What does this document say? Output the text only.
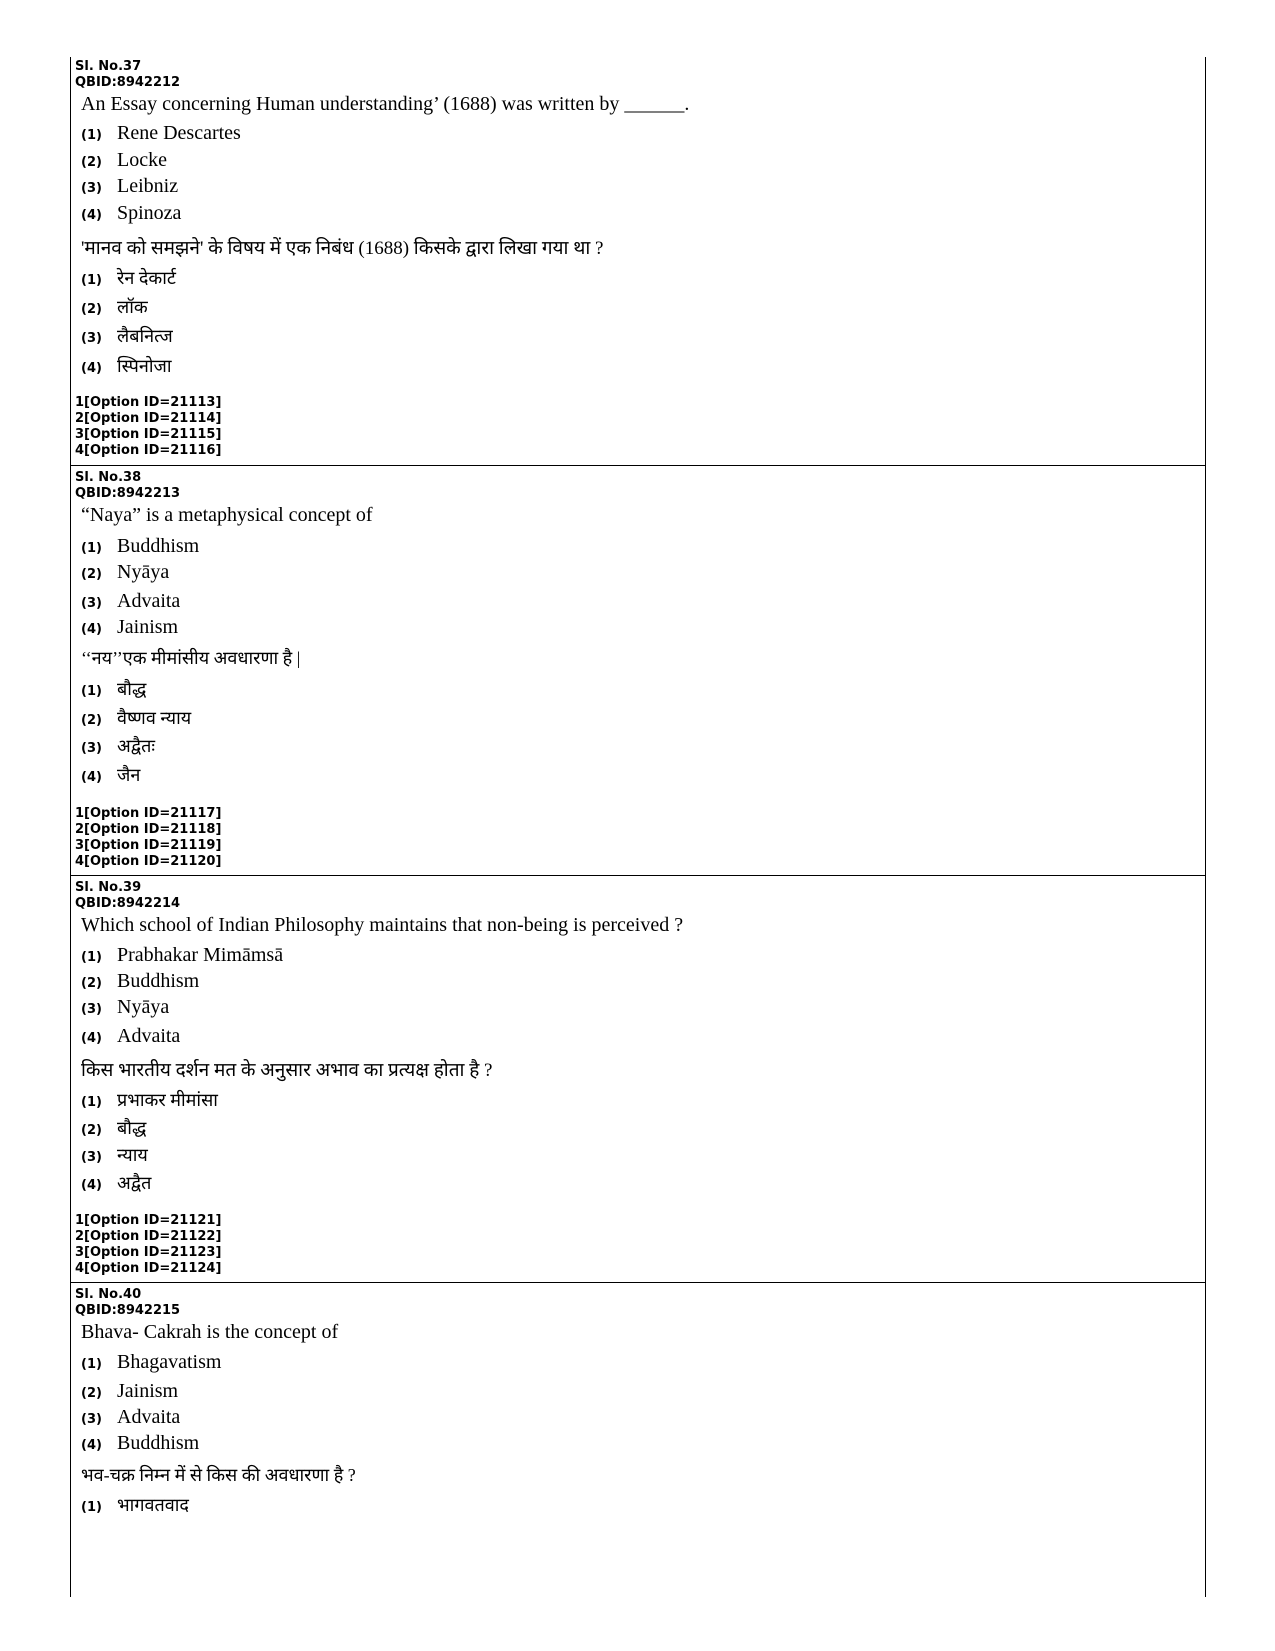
Sl. No.37
QBID:8942212
An Essay concerning Human understanding’ (1688) was written by ______.
(1) Rene Descartes
(2) Locke
(3) Leibniz
(4) Spinoza
'मानव को समझने' के विषय में एक निबंध (1688) किसके द्वारा लिखा गया था ?
(1) रेन देकार्ट
(2) लॉक
(3) लैबनित्ज
(4) स्पिनोजा
1[Option ID=21113]
2[Option ID=21114]
3[Option ID=21115]
4[Option ID=21116]
Sl. No.38
QBID:8942213
“Naya” is a metaphysical concept of
(1) Buddhism
(2) Nyāya
(3) Advaita
(4) Jainism
‘‘नय’’एक मीमांसीय अवधारणा है |
(1) बौद्ध
(2) वैष्णव न्याय
(3) अद्वैतः
(4) जैन
1[Option ID=21117]
2[Option ID=21118]
3[Option ID=21119]
4[Option ID=21120]
Sl. No.39
QBID:8942214
Which school of Indian Philosophy maintains that non-being is perceived ?
(1) Prabhakar Mimāmsā
(2) Buddhism
(3) Nyāya
(4) Advaita
किस भारतीय दर्शन मत के अनुसार अभाव का प्रत्यक्ष होता है ?
(1) प्रभाकर मीमांसा
(2) बौद्ध
(3) न्याय
(4) अद्वैत
1[Option ID=21121]
2[Option ID=21122]
3[Option ID=21123]
4[Option ID=21124]
Sl. No.40
QBID:8942215
Bhava- Cakrah is the concept of
(1) Bhagavatism
(2) Jainism
(3) Advaita
(4) Buddhism
भव-चक्र निम्न में से किस की अवधारणा है ?
(1) भागवतवाद
